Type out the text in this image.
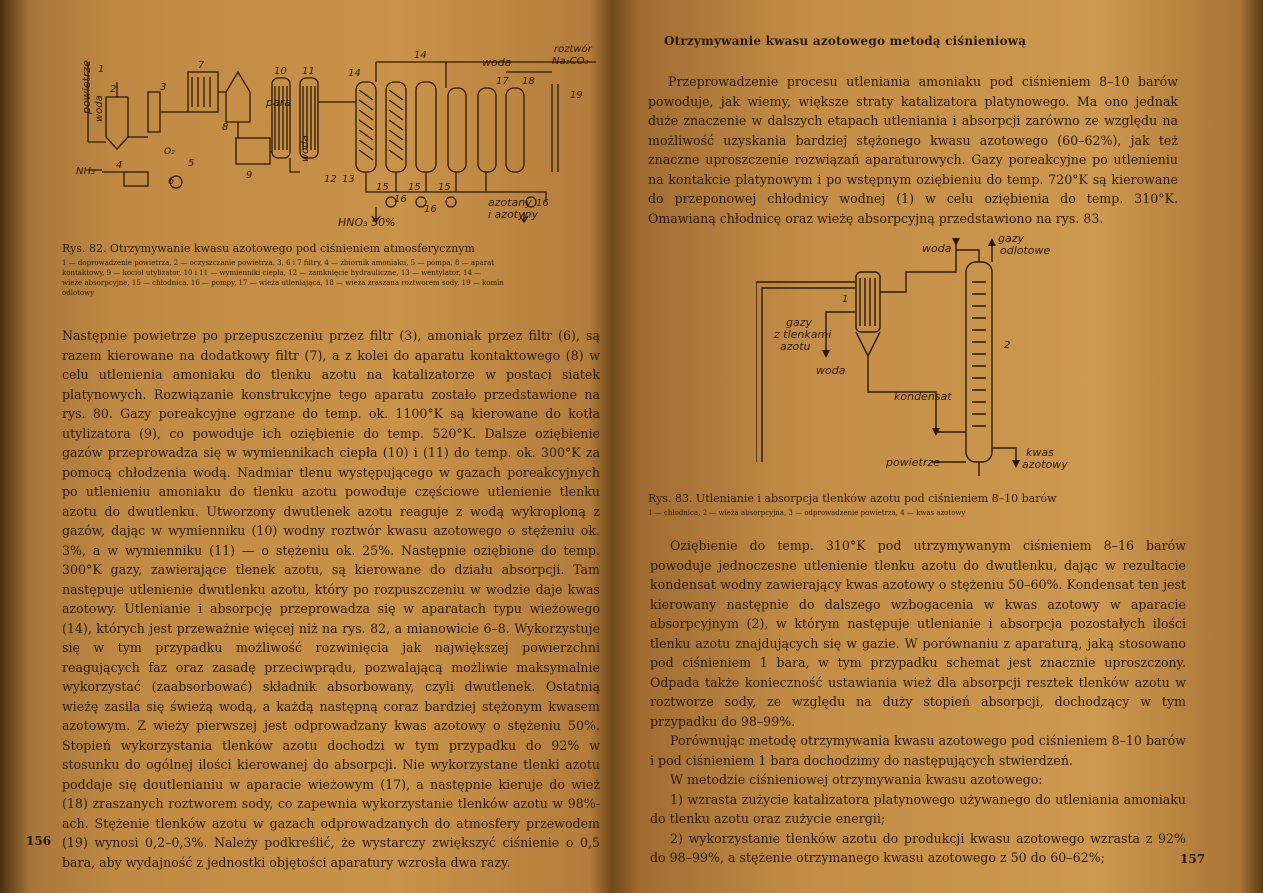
powietrze woda
roztwór
Na₂CO₃
NH₃
O₂
para
woda
woda
HNO₃ 50%
azotany
i azotyny
1
2	3
4	5
6
7
8
9
10 11
12 13
14
14
15 15 15
16
16
16
17 18
19
Rys. 82. Otrzymywanie kwasu azotowego pod ciśnieniem atmosferycznym
1 — doprowadzenie powietrza, 2 — oczyszczanie powietrza, 3, 6 i 7 filtry, 4 — zbiornik amoniaku, 5 — pompa, 8 — aparat
kontaktowy, 9 — kocioł utylizator, 10 i 11 — wymienniki ciepła, 12 — zamknięcie hydrauliczne, 13 — wentylator, 14 —
wieże absorpcyjne, 15 — chłodnica, 16 — pompy, 17 — wieża utleniająca, 18 — wieża zraszana roztworem sody, 19 — komin
odlotowy

Następnie powietrze po przepuszczeniu przez filtr (3), amoniak przez filtr (6), są razem kierowane na dodatkowy filtr (7), a z kolei do aparatu kontaktowego (8) w celu utlenienia amoniaku do tlenku azotu na katalizatorze w postaci siatek platynowych. Rozwiązanie konstrukcyjne tego aparatu zostało przedstawione na rys. 80. Gazy poreakcyjne ogrzane do temp. ok. 1100°K są kierowane do kotła utylizatora (9), co powoduje ich oziębienie do temp. 520°K. Dalsze oziębienie gazów przeprowadza się w wymiennikach ciepła (10) i (11) do temp. ok. 300°K za pomocą chłodzenia wodą. Nadmiar tlenu występującego w gazach poreakcyjnych po utlenieniu amoniaku do tlenku azotu powoduje częściowe utlenienie tlenku azotu do dwutlenku. Utworzony dwutlenek azotu reaguje z wodą wykroploną z gazów, dając w wymienniku (10) wodny roztwór kwasu azotowego o stężeniu ok. 3%, a w wymienniku (11) — o stężeniu ok. 25%. Następnie oziębione do temp. 300°K gazy, zawierające tlenek azotu, są kierowane do działu absorpcji. Tam następuje utlenienie dwutlenku azotu, który po rozpuszczeniu w wodzie daje kwas azotowy. Utlenianie i absorpcję przeprowadza się w aparatach typu wieżowego (14), których jest przeważnie więcej niż na rys. 82, a mianowicie 6–8. Wykorzystuje się w tym przypadku możliwość rozwinięcia jak największej powierzchni reagujących faz oraz zasadę przeciwprądu, pozwalającą możliwie maksymalnie wykorzystać (zaabsorbować) składnik absorbowany, czyli dwutlenek. Ostatnią wieżę zasila się świeżą wodą, a każdą następną coraz bardziej stężonym kwasem azotowym. Z wieży pierwszej jest odprowadzany kwas azotowy o stężeniu 50%. Stopień wykorzystania tlenków azotu dochodzi w tym przypadku do 92% w stosunku do ogólnej ilości kierowanej do absorpcji. Nie wykorzystane tlenki azotu poddaje się doutlenianiu w aparacie wieżowym (17), a następnie kieruje do wież (18) zraszanych roztworem sody, co zapewnia wykorzystanie tlenków azotu w 98%-ach. Stężenie tlenków azotu w gazach odprowadzanych do atmosfery przewodem (19) wynosi 0,2–0,3%. Należy podkreślić, że wystarczy zwiększyć ciśnienie o 0,5 bara, aby wydajność z jednostki objętości aparatury wzrosła dwa razy.

156
Otrzymywanie kwasu azotowego metodą ciśnieniową

Przeprowadzenie procesu utleniania amoniaku pod ciśnieniem 8–10 barów powoduje, jak wiemy, większe straty katalizatora platynowego. Ma ono jednak duże znaczenie w dalszych etapach utleniania i absorpcji zarówno ze względu na możliwość uzyskania bardziej stężonego kwasu azotowego (60–62%), jak też znaczne uproszczenie rozwiązań aparaturowych. Gazy poreakcyjne po utlenieniu na kontakcie platynowym i po wstępnym oziębieniu do temp. 720°K są kierowane do przeponowej chłodnicy wodnej (1) w celu oziębienia do temp. 310°K. Omawianą chłodnicę oraz wieżę absorpcyjną przedstawiono na rys. 83.

woda
gazy
odlotowe
gazy
z tlenkami
azotu
woda
kondensat
powietrze
kwas
azotowy
1
2
Rys. 83. Utlenianie i absorpcja tlenków azotu pod ciśnieniem 8–10 barów
1 — chłodnica, 2 — wieża absorpcyjna, 3 — odprowadzenie powietrza, 4 — kwas azotowy

Oziębienie do temp. 310°K pod utrzymywanym ciśnieniem 8–16 barów powoduje jednoczesne utlenienie tlenku azotu do dwutlenku, dając w rezultacie kondensat wodny zawierający kwas azotowy o stężeniu 50–60%. Kondensat ten jest kierowany następnie do dalszego wzbogacenia w kwas azotowy w aparacie absorpcyjnym (2), w którym następuje utlenianie i absorpcja pozostałych ilości tlenku azotu znajdujących się w gazie. W porównaniu z aparaturą, jaką stosowano pod ciśnieniem 1 bara, w tym przypadku schemat jest znacznie uproszczony. Odpada także konieczność ustawiania wież dla absorpcji resztek tlenków azotu w roztworze sody, ze względu na duży stopień absorpcji, dochodzący w tym przypadku do 98–99%.

Porównując metodę otrzymywania kwasu azotowego pod ciśnieniem 8–10 barów i pod ciśnieniem 1 bara dochodzimy do następujących stwierdzeń.

W metodzie ciśnieniowej otrzymywania kwasu azotowego:

1) wzrasta zużycie katalizatora platynowego używanego do utleniania amoniaku do tlenku azotu oraz zużycie energii;

2) wykorzystanie tlenków azotu do produkcji kwasu azotowego wzrasta z 92% do 98–99%, a stężenie otrzymanego kwasu azotowego z 50 do 60–62%;	157
